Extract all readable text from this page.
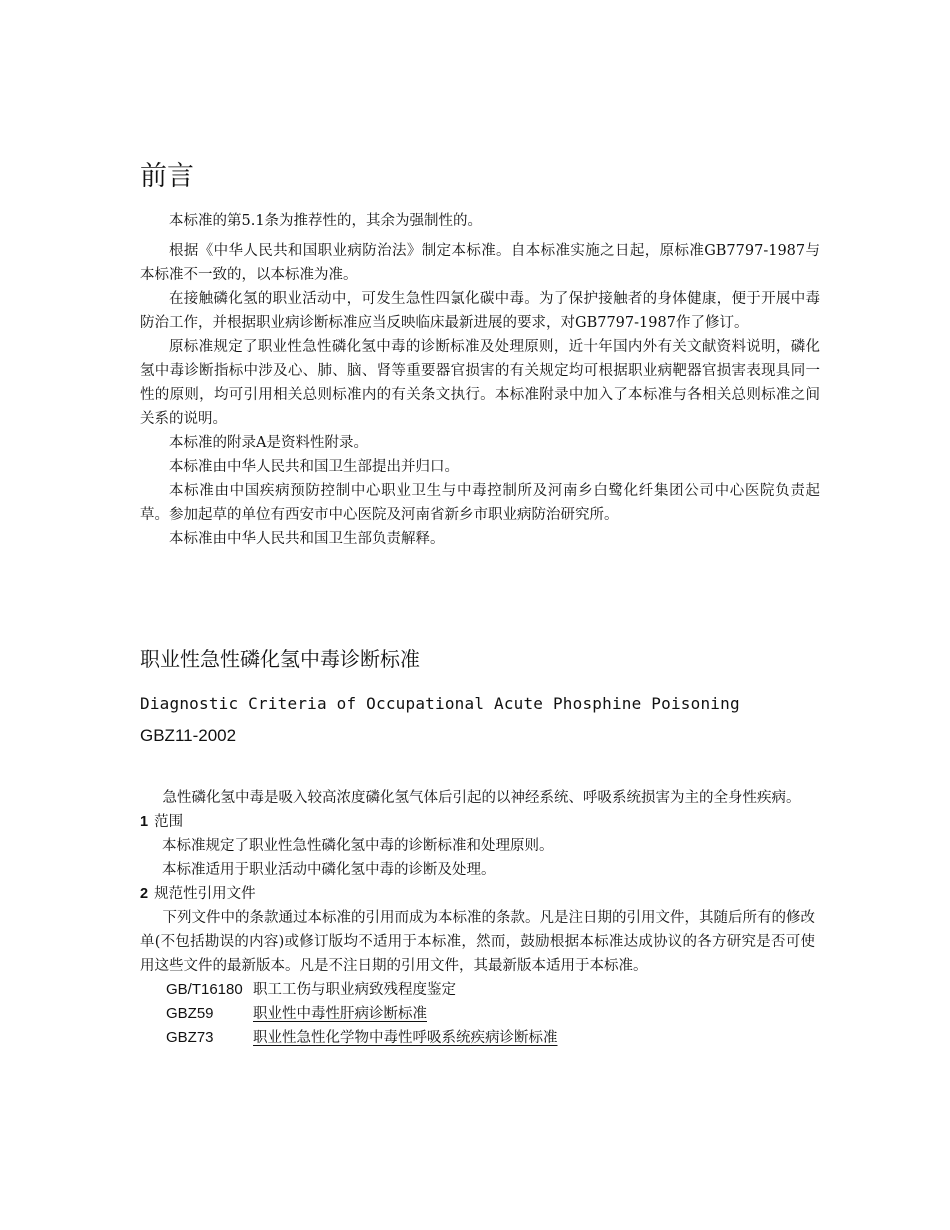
前言

本标准的第5.1条为推荐性的，其余为强制性的。

根据《中华人民共和国职业病防治法》制定本标准。自本标准实施之日起，原标准GB7797-1987与本标准不一致的，以本标准为准。

在接触磷化氢的职业活动中，可发生急性四氯化碳中毒。为了保护接触者的身体健康，便于开展中毒防治工作，并根据职业病诊断标准应当反映临床最新进展的要求，对GB7797-1987作了修订。

原标准规定了职业性急性磷化氢中毒的诊断标准及处理原则，近十年国内外有关文献资料说明，磷化氢中毒诊断指标中涉及心、肺、脑、肾等重要器官损害的有关规定均可根据职业病靶器官损害表现具同一性的原则，均可引用相关总则标准内的有关条文执行。本标准附录中加入了本标准与各相关总则标准之间关系的说明。

本标准的附录A是资料性附录。

本标准由中华人民共和国卫生部提出并归口。

本标准由中国疾病预防控制中心职业卫生与中毒控制所及河南乡白鹭化纤集团公司中心医院负责起草。参加起草的单位有西安市中心医院及河南省新乡市职业病防治研究所。

本标准由中华人民共和国卫生部负责解释。

职业性急性磷化氢中毒诊断标准
Diagnostic Criteria of Occupational Acute Phosphine Poisoning
GBZ11-2002

急性磷化氢中毒是吸入较高浓度磷化氢气体后引起的以神经系统、呼吸系统损害为主的全身性疾病。

1 范围

本标准规定了职业性急性磷化氢中毒的诊断标准和处理原则。

本标准适用于职业活动中磷化氢中毒的诊断及处理。

2 规范性引用文件

下列文件中的条款通过本标准的引用而成为本标准的条款。凡是注日期的引用文件，其随后所有的修改单(不包括勘误的内容)或修订版均不适用于本标准，然而，鼓励根据本标准达成协议的各方研究是否可使用这些文件的最新版本。凡是不注日期的引用文件，其最新版本适用于本标准。

GB/T16180 职工工伤与职业病致残程度鉴定
GBZ59	职业性中毒性肝病诊断标准
GBZ73	职业性急性化学物中毒性呼吸系统疾病诊断标准
